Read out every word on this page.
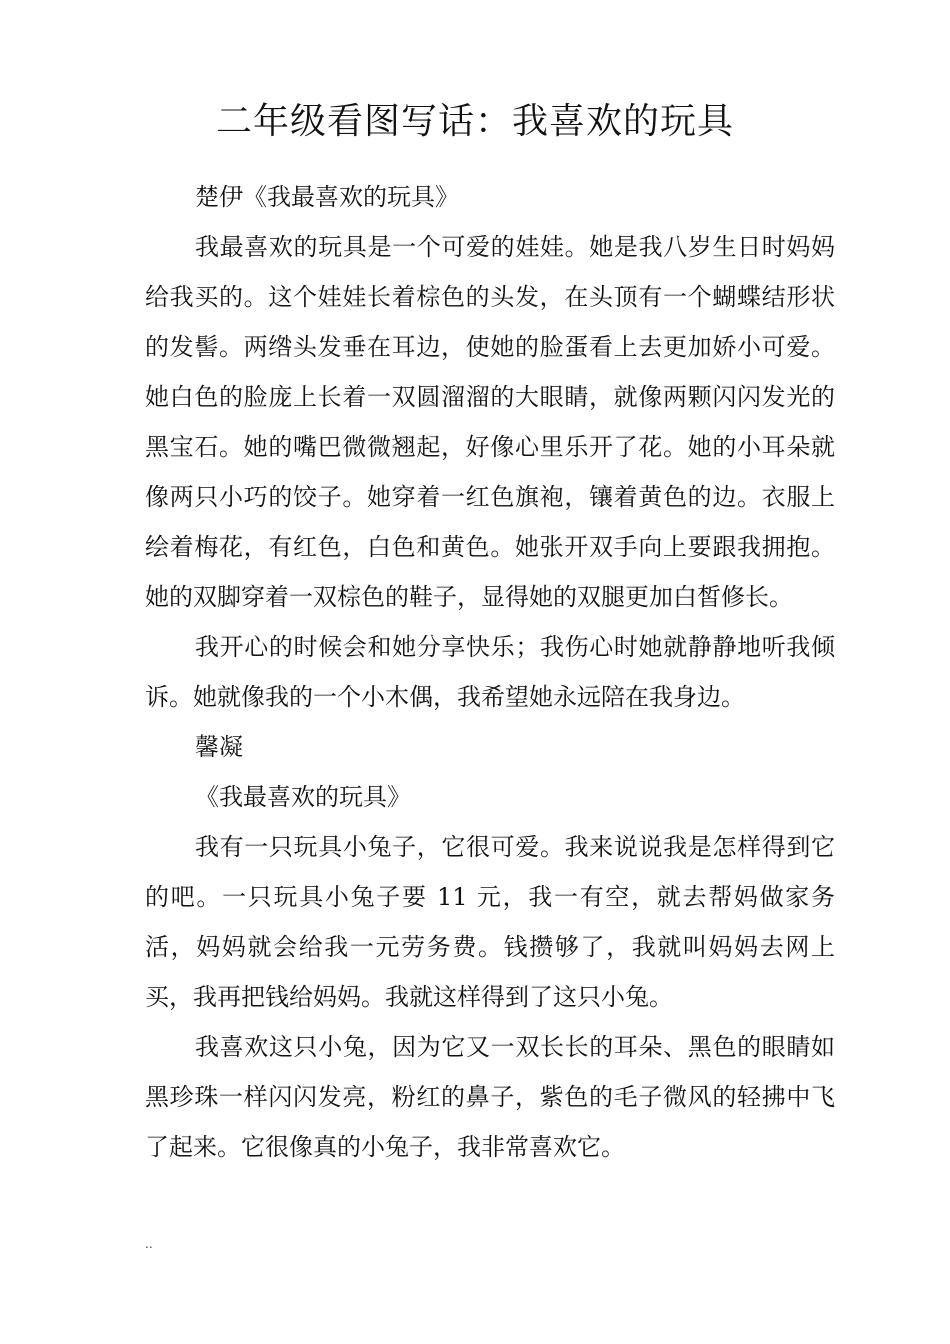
二年级看图写话：我喜欢的玩具

楚伊《我最喜欢的玩具》

我最喜欢的玩具是一个可爱的娃娃。她是我八岁生日时妈妈给我买的。这个娃娃长着棕色的头发，在头顶有一个蝴蝶结形状的发髻。两绺头发垂在耳边，使她的脸蛋看上去更加娇小可爱。她白色的脸庞上长着一双圆溜溜的大眼睛，就像两颗闪闪发光的黑宝石。她的嘴巴微微翘起，好像心里乐开了花。她的小耳朵就像两只小巧的饺子。她穿着一红色旗袍，镶着黄色的边。衣服上绘着梅花，有红色，白色和黄色。她张开双手向上要跟我拥抱。她的双脚穿着一双棕色的鞋子，显得她的双腿更加白皙修长。

我开心的时候会和她分享快乐；我伤心时她就静静地听我倾诉。她就像我的一个小木偶，我希望她永远陪在我身边。

馨凝

《我最喜欢的玩具》

我有一只玩具小兔子，它很可爱。我来说说我是怎样得到它的吧。一只玩具小兔子要 11 元，我一有空，就去帮妈做家务活，妈妈就会给我一元劳务费。钱攒够了，我就叫妈妈去网上买，我再把钱给妈妈。我就这样得到了这只小兔。

我喜欢这只小兔，因为它又一双长长的耳朵、黑色的眼睛如黑珍珠一样闪闪发亮，粉红的鼻子，紫色的毛子微风的轻拂中飞了起来。它很像真的小兔子，我非常喜欢它。

..
